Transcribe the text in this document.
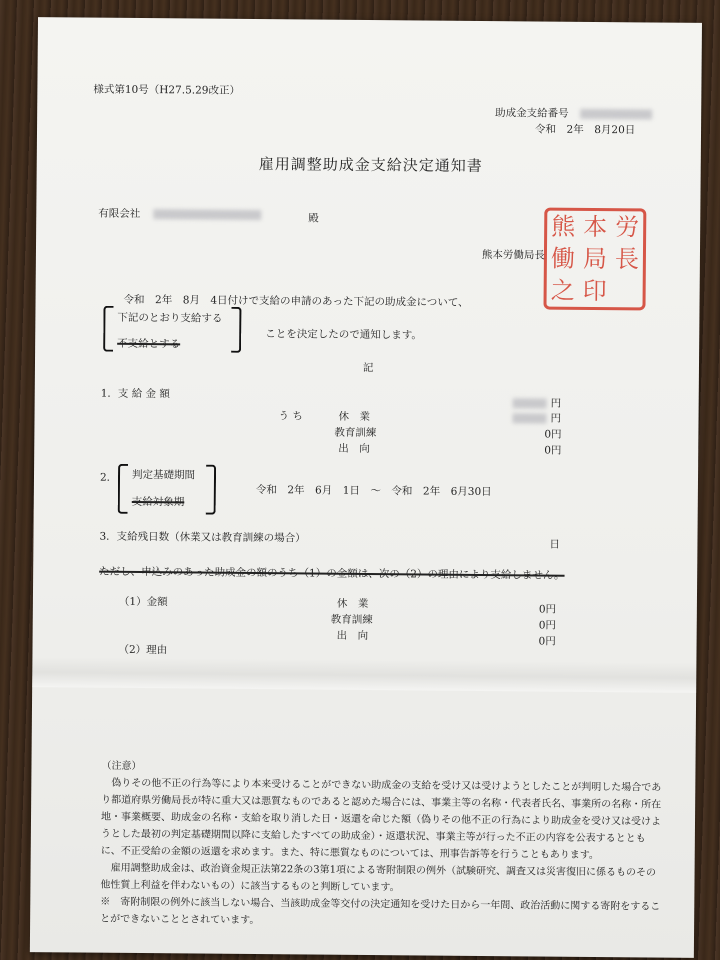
様式第10号（H27.5.29改正）
助成金支給番号
令和　2年　8月20日
雇用調整助成金支給決定通知書
有限会社	殿
熊本労働局長
熊 本 労
働 局 長
之 印

令和　2年　8月　4日付けで支給の申請のあった下記の助成金について、
下記のとおり支給する
不支給とする
ことを決定したので通知します。
記
1．支 給 金 額
円
う ち	休　業	円
教育訓練	0円
出　向	0円
2． 判定基礎期間
支給対象期
令和　2年　6月　1日　～　令和　2年　6月30日
3．支給残日数（休業又は教育訓練の場合）
日
ただし、申込みのあった助成金の額のうち（1）の金額は、次の（2）の理由により支給しません。
（1）金額	休　業	0円
教育訓練	0円
出　向	0円
（2）理由

（注意）

偽りその他不正の行為等により本来受けることができない助成金の支給を受け又は受けようとしたことが判明した場合であり都道府県労働局長が特に重大又は悪質なものであると認めた場合には、事業主等の名称・代表者氏名、事業所の名称・所在地・事業概要、助成金の名称・支給を取り消した日・返還を命じた額（偽りその他不正の行為により助成金を受け又は受けようとした最初の判定基礎期間以降に支給したすべての助成金）・返還状況、事業主等が行った不正の内容を公表するとともに、不正受給の金額の返還を求めます。また、特に悪質なものについては、刑事告訴等を行うこともあります。

雇用調整助成金は、政治資金規正法第22条の3第1項による寄附制限の例外（試験研究、調査又は災害復旧に係るものその他性質上利益を伴わないもの）に該当するものと判断しています。

※　寄附制限の例外に該当しない場合、当該助成金等交付の決定通知を受けた日から一年間、政治活動に関する寄附をすることができないこととされています。
